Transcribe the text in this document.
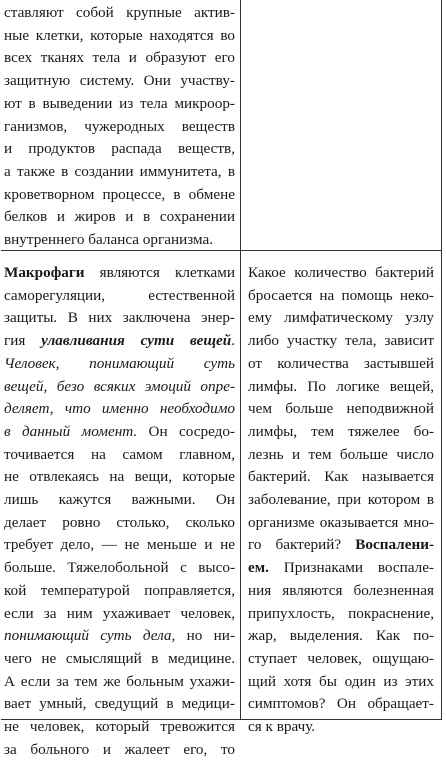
ставляют собой крупные актив-
ные клетки, которые находятся во
всех тканях тела и образуют его
защитную систему. Они участву-
ют в выведении из тела микроор-
ганизмов, чужеродных веществ
и продуктов распада веществ,
а также в создании иммунитета, в
кроветворном процессе, в обмене
белков и жиров и в сохранении
внутреннего баланса организма.
Макрофаги являются клетками
саморегуляции, естественной
защиты. В них заключена энер-
гия улавливания сути вещей.
Человек, понимающий суть
вещей, безо всяких эмоций опре-
деляет, что именно необходимо
в данный момент. Он сосредо-
точивается на самом главном,
не отвлекаясь на вещи, которые
лишь кажутся важными. Он
делает ровно столько, сколько
требует дело, — не меньше и не
больше. Тяжелобольной с высо-
кой температурой поправляется,
если за ним ухаживает человек,
понимающий суть дела, но ни-
чего не смыслящий в медицине.
А если за тем же больным ухажи-
вает умный, сведущий в медици-
не человек, который тревожится
за больного и жалеет его, то
Какое количество бактерий
бросается на помощь неко-
ему лимфатическому узлу
либо участку тела, зависит
от количества застывшей
лимфы. По логике вещей,
чем больше неподвижной
лимфы, тем тяжелее бо-
лезнь и тем больше число
бактерий. Как называется
заболевание, при котором в
организме оказывается мно-
го бактерий? Воспалени-
ем. Признаками воспале-
ния являются болезненная
припухлость, покраснение,
жар, выделения. Как по-
ступает человек, ощущаю-
щий хотя бы один из этих
симптомов? Он обращает-
ся к врачу.
